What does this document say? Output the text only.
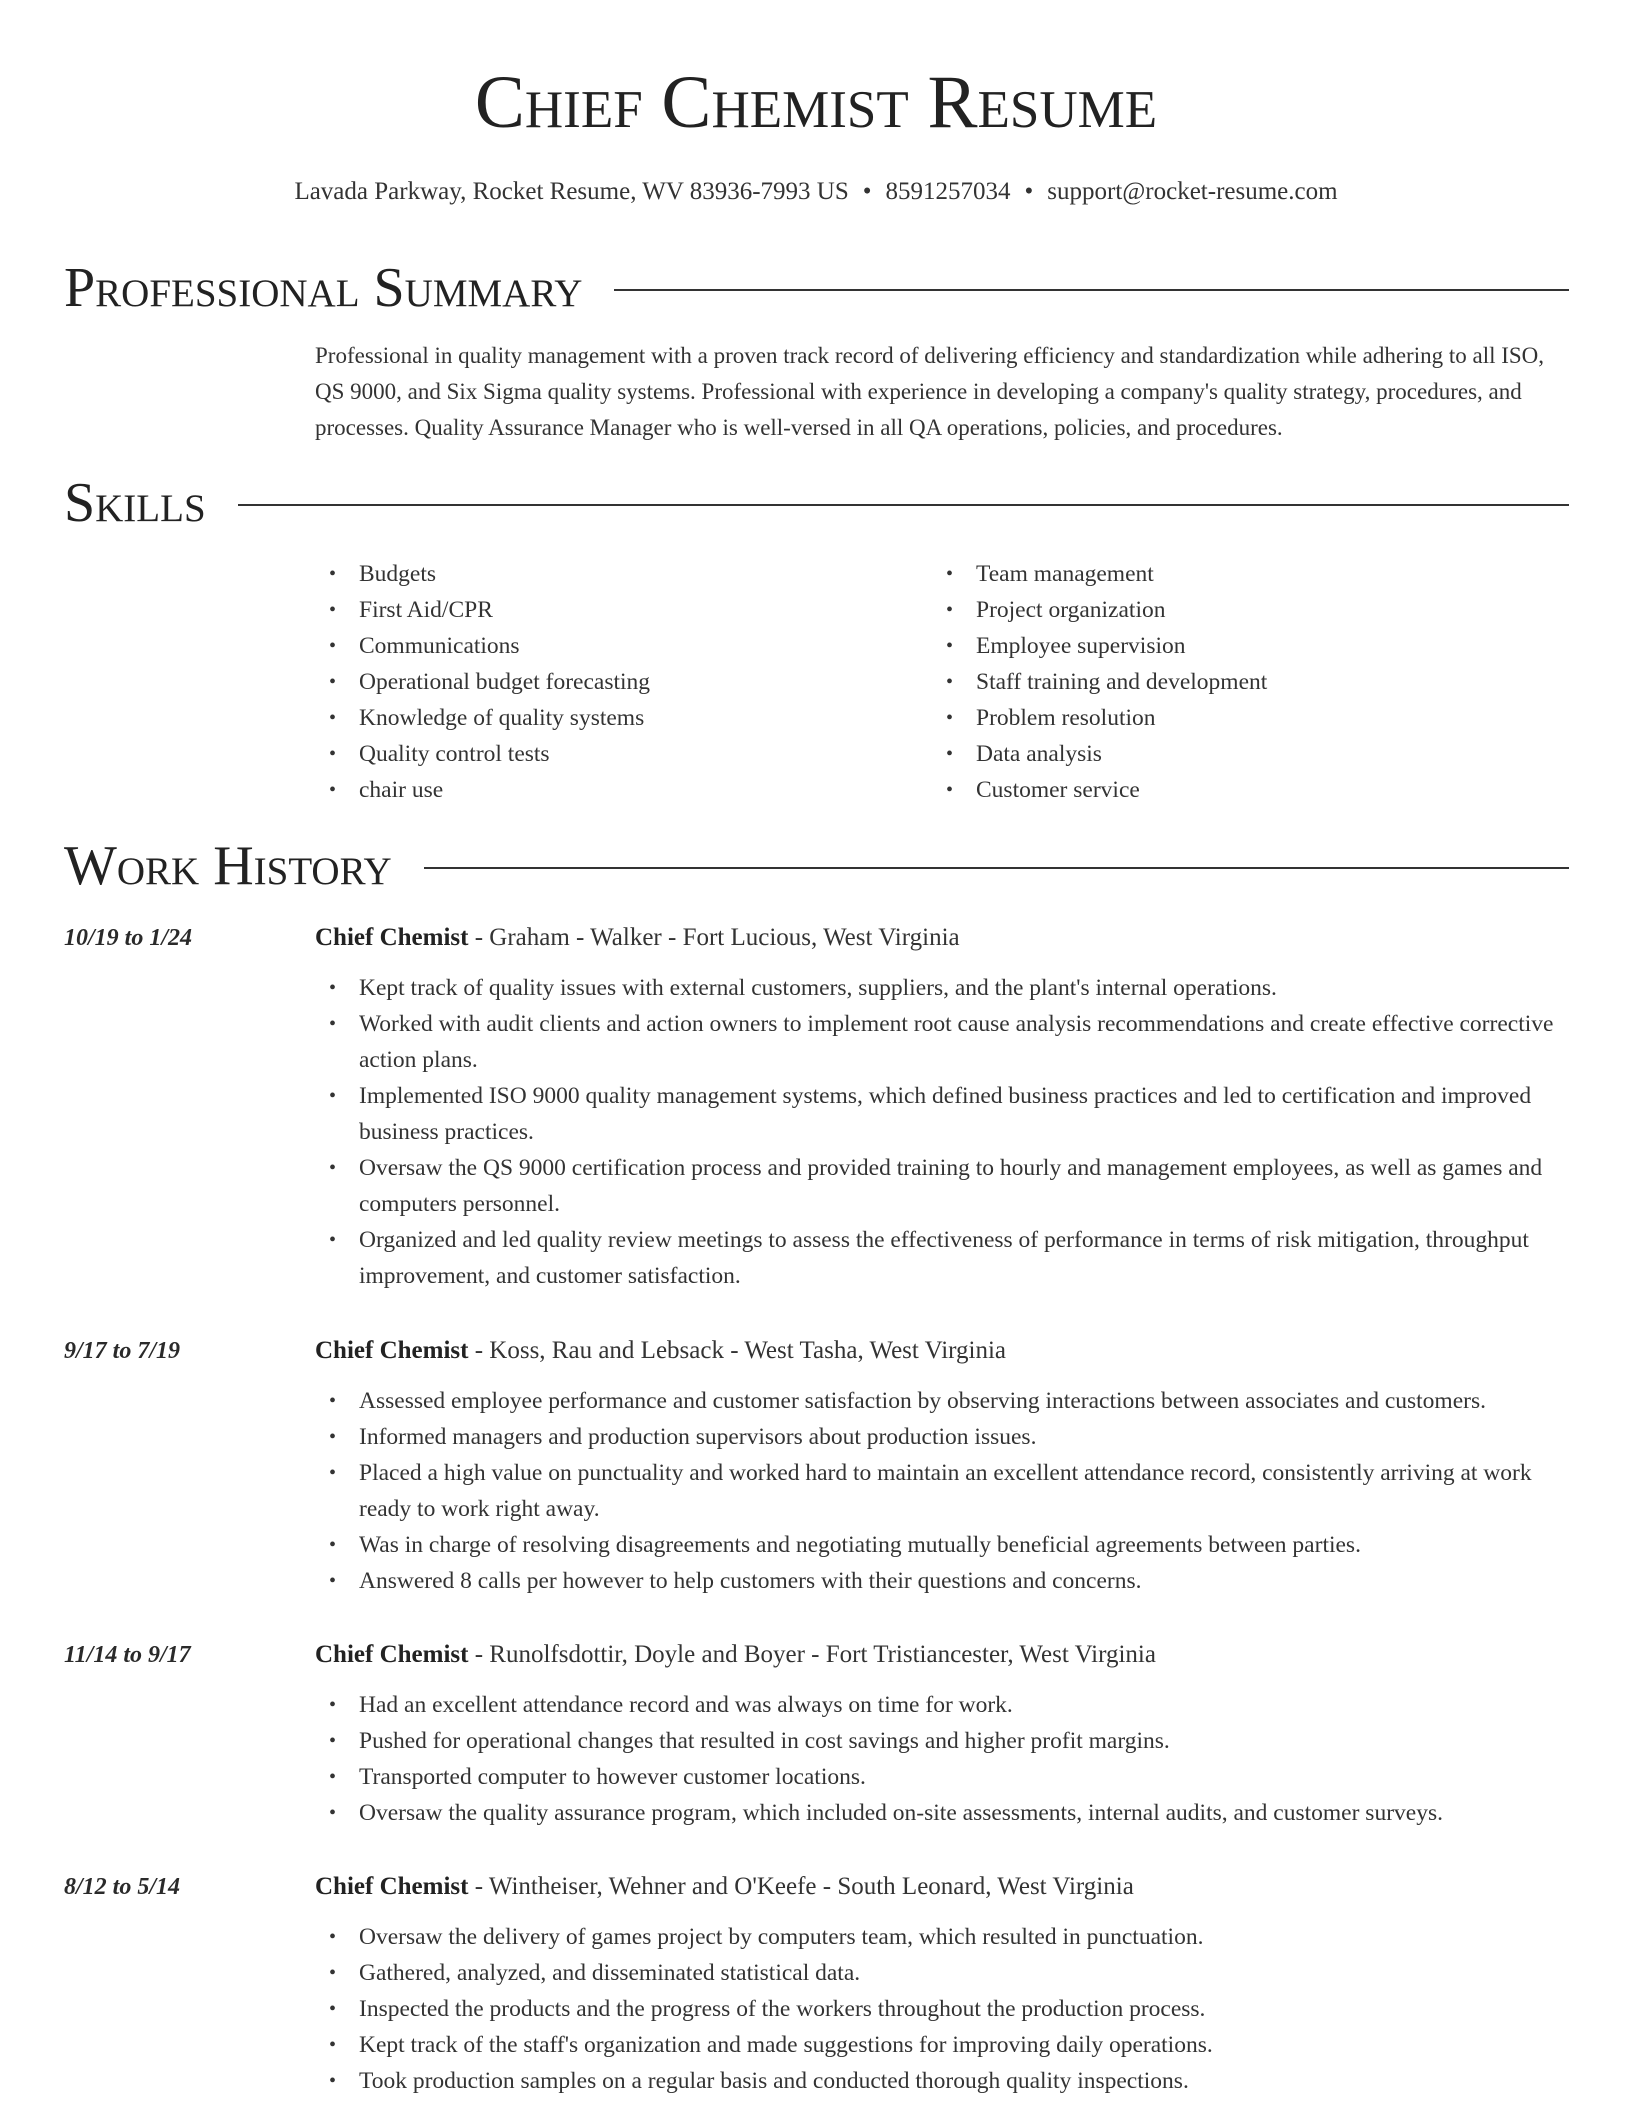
Chief Chemist Resume
Lavada Parkway, Rocket Resume, WV 83936-7993 US • 8591257034 • support@rocket-resume.com
Professional Summary

Professional in quality management with a proven track record of delivering efficiency and standardization while adhering to all ISO, QS 9000, and Six Sigma quality systems. Professional with experience in developing a company's quality strategy, procedures, and processes. Quality Assurance Manager who is well-versed in all QA operations, policies, and procedures.

Skills
• Budgets
• First Aid/CPR
• Communications
• Operational budget forecasting
• Knowledge of quality systems
• Quality control tests
• chair use
• Team management
• Project organization
• Employee supervision
• Staff training and development
• Problem resolution
• Data analysis
• Customer service
Work History
10/19 to 1/24	Chief Chemist - Graham - Walker - Fort Lucious, West Virginia
• Kept track of quality issues with external customers, suppliers, and the plant's internal operations.
• Worked with audit clients and action owners to implement root cause analysis recommendations and create effective corrective action plans.
• Implemented ISO 9000 quality management systems, which defined business practices and led to certification and improved business practices.
• Oversaw the QS 9000 certification process and provided training to hourly and management employees, as well as games and computers personnel.
• Organized and led quality review meetings to assess the effectiveness of performance in terms of risk mitigation, throughput improvement, and customer satisfaction.
9/17 to 7/19	Chief Chemist - Koss, Rau and Lebsack - West Tasha, West Virginia
• Assessed employee performance and customer satisfaction by observing interactions between associates and customers.
• Informed managers and production supervisors about production issues.
• Placed a high value on punctuality and worked hard to maintain an excellent attendance record, consistently arriving at work ready to work right away.
• Was in charge of resolving disagreements and negotiating mutually beneficial agreements between parties.
• Answered 8 calls per however to help customers with their questions and concerns.
11/14 to 9/17	Chief Chemist - Runolfsdottir, Doyle and Boyer - Fort Tristiancester, West Virginia
• Had an excellent attendance record and was always on time for work.
• Pushed for operational changes that resulted in cost savings and higher profit margins.
• Transported computer to however customer locations.
• Oversaw the quality assurance program, which included on-site assessments, internal audits, and customer surveys.
8/12 to 5/14	Chief Chemist - Wintheiser, Wehner and O'Keefe - South Leonard, West Virginia
• Oversaw the delivery of games project by computers team, which resulted in punctuation.
• Gathered, analyzed, and disseminated statistical data.
• Inspected the products and the progress of the workers throughout the production process.
• Kept track of the staff's organization and made suggestions for improving daily operations.
• Took production samples on a regular basis and conducted thorough quality inspections.
